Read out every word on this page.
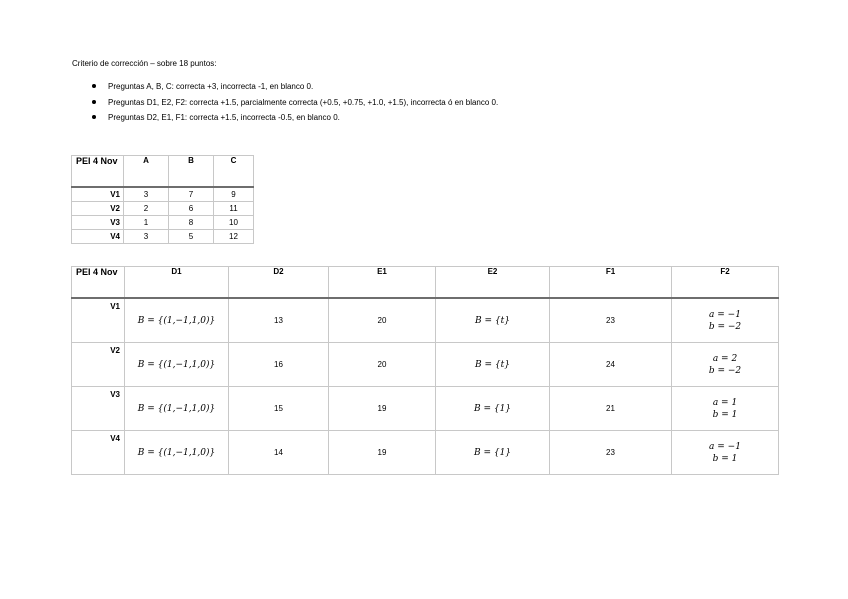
Criterio de corrección – sobre 18 puntos:
Preguntas A, B, C: correcta +3, incorrecta -1, en blanco 0.
Preguntas D1, E2, F2: correcta +1.5, parcialmente correcta (+0.5, +0.75, +1.0, +1.5), incorrecta ó en blanco 0.
Preguntas D2, E1, F1: correcta +1.5, incorrecta -0.5, en blanco 0.
PEI 4 Nov	A	B	C
V1	3	7	9
V2	2	6	11
V3	1	8	10
V4	3	5	12
PEI 4 Nov	D1	D2	E1	E2	F1	F2
V1	B = {(1,−1,1,0)}	13	20	B = {t}	23	a = −1
b = −2

V2	B = {(1,−1,1,0)}	16	20	B = {t}	24	a = 2
b = −2

V3	B = {(1,−1,1,0)}	15	19	B = {1}	21	a = 1
b = 1

V4	B = {(1,−1,1,0)}	14	19	B = {1}	23	a = −1
b = 1
